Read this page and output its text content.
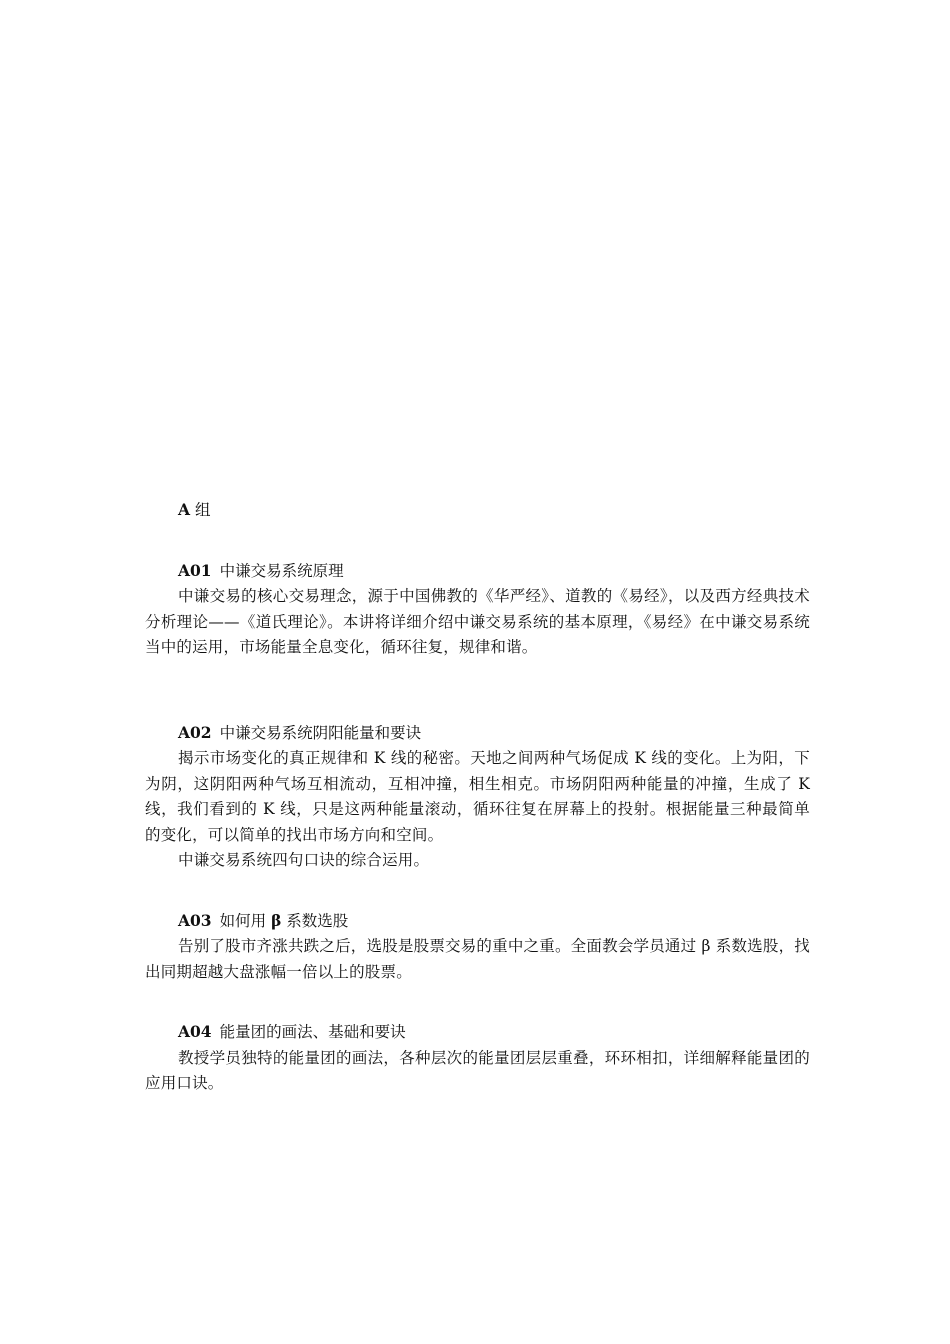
A 组

A01 中谦交易系统原理

中谦交易的核心交易理念，源于中国佛教的《华严经》、道教的《易经》，以及西方经典技术分析理论——《道氏理论》。本讲将详细介绍中谦交易系统的基本原理，《易经》在中谦交易系统当中的运用，市场能量全息变化，循环往复，规律和谐。

A02 中谦交易系统阴阳能量和要诀

揭示市场变化的真正规律和 K 线的秘密。天地之间两种气场促成 K 线的变化。上为阳，下为阴，这阴阳两种气场互相流动，互相冲撞，相生相克。市场阴阳两种能量的冲撞，生成了 K 线，我们看到的 K 线，只是这两种能量滚动，循环往复在屏幕上的投射。根据能量三种最简单的变化，可以简单的找出市场方向和空间。

中谦交易系统四句口诀的综合运用。

A03 如何用 β 系数选股

告别了股市齐涨共跌之后，选股是股票交易的重中之重。全面教会学员通过 β 系数选股，找出同期超越大盘涨幅一倍以上的股票。

A04 能量团的画法、基础和要诀

教授学员独特的能量团的画法，各种层次的能量团层层重叠，环环相扣，详细解释能量团的应用口诀。
